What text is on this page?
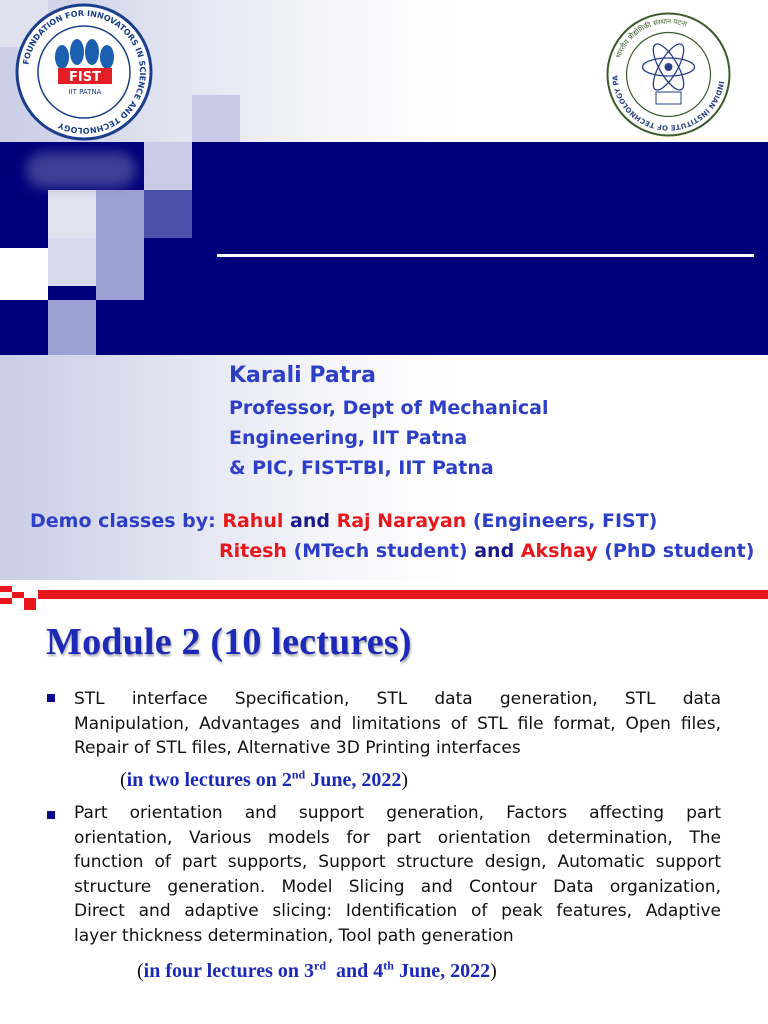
FOUNDATION FOR INNOVATORS IN SCIENCE AND TECHNOLOGY
FIST
IIT PATNA
INDIAN INSTITUTE OF TECHNOLOGY PA
भारतीय प्रौद्योगिकी संस्थान पटना
Karali Patra
Professor, Dept of Mechanical
Engineering, IIT Patna
& PIC, FIST-TBI, IIT Patna
Demo classes by: Rahul and Raj Narayan (Engineers, FIST)
Ritesh (MTech student) and Akshay (PhD student)
Module 2 (10 lectures)
STL interface Specification, STL data generation, STL data
Manipulation, Advantages and limitations of STL file format, Open files,
Repair of STL files, Alternative 3D Printing interfaces
(in two lectures on 2nd June, 2022)
Part orientation and support generation, Factors affecting part
orientation, Various models for part orientation determination, The
function of part supports, Support structure design, Automatic support
structure generation. Model Slicing and Contour Data organization,
Direct and adaptive slicing: Identification of peak features, Adaptive
layer thickness determination, Tool path generation
(in four lectures on 3rd  and 4th June, 2022)
